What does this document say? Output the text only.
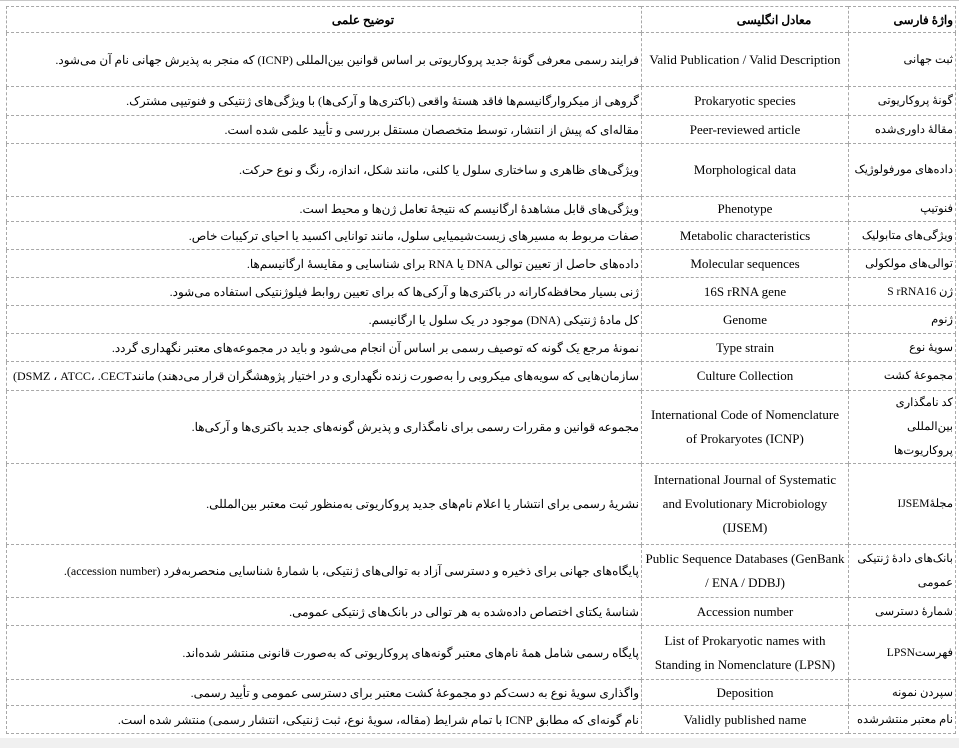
واژهٔ فارسی	معادل انگلیسی	توضیح علمی
ثبت جهانی	Valid Publication / Valid Description	فرایند رسمی معرفی گونهٔ جدید پروکاریوتی بر اساس قوانین بین‌المللی (ICNP) که منجر به پذیرش جهانی نام آن می‌شود.
گونهٔ پروکاریوتی	Prokaryotic species	گروهی از میکروارگانیسم‌ها فاقد هستهٔ واقعی (باکتری‌ها و آرکی‌ها) با ویژگی‌های ژنتیکی و فنوتیپی مشترک.
مقالهٔ داوری‌شده	Peer-reviewed article	مقاله‌ای که پیش از انتشار، توسط متخصصان مستقل بررسی و تأیید علمی شده است.
داده‌های مورفولوژیک	Morphological data	ویژگی‌های ظاهری و ساختاری سلول یا کلنی، مانند شکل، اندازه، رنگ و نوع حرکت.
فنوتیپ	Phenotype	ویژگی‌های قابل مشاهدهٔ ارگانیسم که نتیجهٔ تعامل ژن‌ها و محیط است.
ویژگی‌های متابولیک	Metabolic characteristics	صفات مربوط به مسیرهای زیست‌شیمیایی سلول، مانند توانایی اکسید یا احیای ترکیبات خاص.
توالی‌های مولکولی	Molecular sequences	داده‌های حاصل از تعیین توالی DNA یا RNA برای شناسایی و مقایسهٔ ارگانیسم‌ها.
ژن S rRNA16	16S rRNA gene	ژنی بسیار محافظه‌کارانه در باکتری‌ها و آرکی‌ها که برای تعیین روابط فیلوژنتیکی استفاده می‌شود.
ژنوم	Genome	کل مادهٔ ژنتیکی (DNA) موجود در یک سلول یا ارگانیسم.
سویهٔ نوع	Type strain	نمونهٔ مرجع یک گونه که توصیف رسمی بر اساس آن انجام می‌شود و باید در مجموعه‌های معتبر نگهداری گردد.
مجموعهٔ کشت	Culture Collection	سازمان‌هایی که سویه‌های میکروبی را به‌صورت زنده نگهداری و در اختیار پژوهشگران قرار می‌دهند) مانندDSMZ ، ATCC، .CECT)
کد نامگذاری بین‌المللی پروکاریوت‌ها	International Code of Nomenclature of Prokaryotes (ICNP)	مجموعه قوانین و مقررات رسمی برای نامگذاری و پذیرش گونه‌های جدید باکتری‌ها و آرکی‌ها.
مجلهٔIJSEM	International Journal of Systematic and Evolutionary Microbiology (IJSEM)	نشریهٔ رسمی برای انتشار یا اعلام نام‌های جدید پروکاریوتی به‌منظور ثبت معتبر بین‌المللی.
بانک‌های دادهٔ ژنتیکی عمومی	Public Sequence Databases (GenBank / ENA / DDBJ)	پایگاه‌های جهانی برای ذخیره و دسترسی آزاد به توالی‌های ژنتیکی، با شمارهٔ شناسایی منحصربه‌فرد (accession number).
شمارهٔ دسترسی	Accession number	شناسهٔ یکتای اختصاص داده‌شده به هر توالی در بانک‌های ژنتیکی عمومی.
فهرستLPSN	List of Prokaryotic names with Standing in Nomenclature (LPSN)	پایگاه رسمی شامل همهٔ نام‌های معتبر گونه‌های پروکاریوتی که به‌صورت قانونی منتشر شده‌اند.
سپردن نمونه	Deposition	واگذاری سویهٔ نوع به دست‌کم دو مجموعهٔ کشت معتبر برای دسترسی عمومی و تأیید رسمی.
نام معتبر منتشرشده	Validly published name	نام گونه‌ای که مطابق ICNP با تمام شرایط (مقاله، سویهٔ نوع، ثبت ژنتیکی، انتشار رسمی) منتشر شده است.
